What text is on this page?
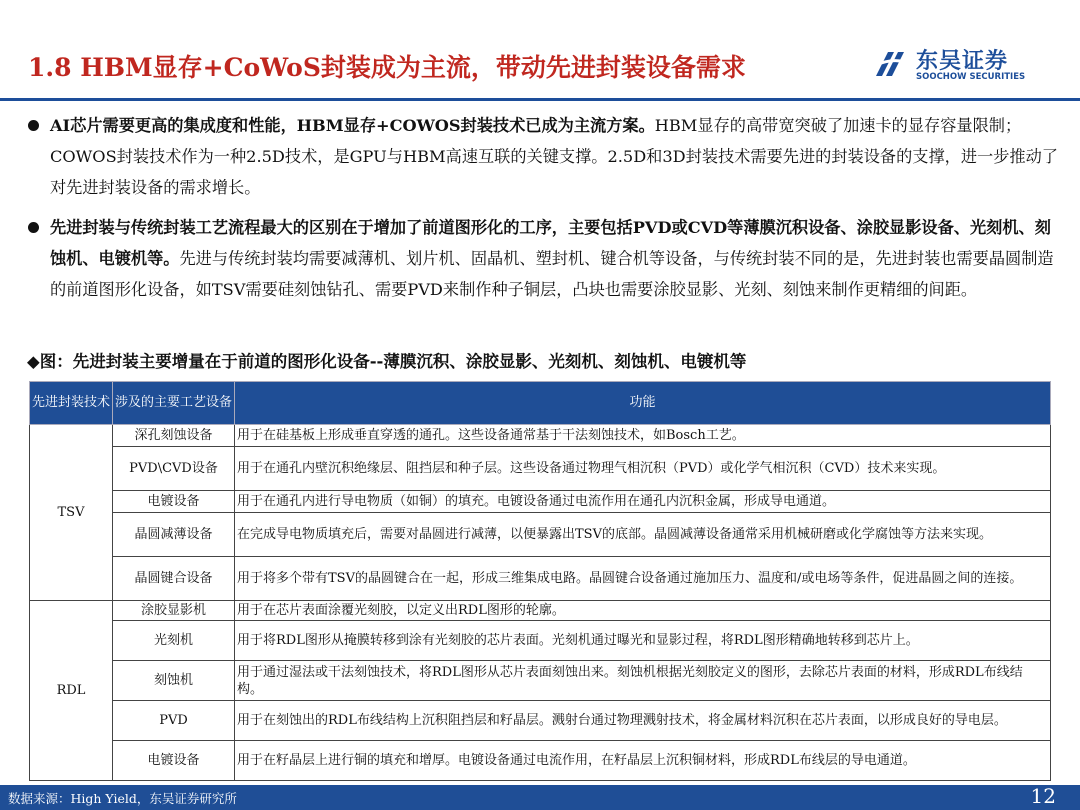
1.8 HBM显存+CoWoS封装成为主流，带动先进封装设备需求	东吴证券
SOOCHOW SECURITIES
AI芯片需要更高的集成度和性能，HBM显存+COWOS封装技术已成为主流方案。HBM显存的高带宽突破了加速卡的显存容量限制；COWOS封装技术作为一种2.5D技术，是GPU与HBM高速互联的关键支撑。2.5D和3D封装技术需要先进的封装设备的支撑，进一步推动了对先进封装设备的需求增长。
先进封装与传统封装工艺流程最大的区别在于增加了前道图形化的工序，主要包括PVD或CVD等薄膜沉积设备、涂胶显影设备、光刻机、刻蚀机、电镀机等。先进与传统封装均需要减薄机、划片机、固晶机、塑封机、键合机等设备，与传统封装不同的是，先进封装也需要晶圆制造的前道图形化设备，如TSV需要硅刻蚀钻孔、需要PVD来制作种子铜层，凸块也需要涂胶显影、光刻、刻蚀来制作更精细的间距。
◆图：先进封装主要增量在于前道的图形化设备--薄膜沉积、涂胶显影、光刻机、刻蚀机、电镀机等
先进封装技术	涉及的主要工艺设备	功能
TSV	深孔刻蚀设备	用于在硅基板上形成垂直穿透的通孔。这些设备通常基于干法刻蚀技术，如Bosch工艺。
	PVD\CVD设备	用于在通孔内壁沉积绝缘层、阻挡层和种子层。这些设备通过物理气相沉积（PVD）或化学气相沉积（CVD）技术来实现。
	电镀设备	用于在通孔内进行导电物质（如铜）的填充。电镀设备通过电流作用在通孔内沉积金属，形成导电通道。
	晶圆减薄设备	在完成导电物质填充后，需要对晶圆进行减薄，以便暴露出TSV的底部。晶圆减薄设备通常采用机械研磨或化学腐蚀等方法来实现。
	晶圆键合设备	用于将多个带有TSV的晶圆键合在一起，形成三维集成电路。晶圆键合设备通过施加压力、温度和/或电场等条件，促进晶圆之间的连接。
RDL	涂胶显影机	用于在芯片表面涂覆光刻胶，以定义出RDL图形的轮廓。
	光刻机	用于将RDL图形从掩膜转移到涂有光刻胶的芯片表面。光刻机通过曝光和显影过程，将RDL图形精确地转移到芯片上。
	刻蚀机	用于通过湿法或干法刻蚀技术，将RDL图形从芯片表面刻蚀出来。刻蚀机根据光刻胶定义的图形，去除芯片表面的材料，形成RDL布线结构。
	PVD	用于在刻蚀出的RDL布线结构上沉积阻挡层和籽晶层。溅射台通过物理溅射技术，将金属材料沉积在芯片表面，以形成良好的导电层。
	电镀设备	用于在籽晶层上进行铜的填充和增厚。电镀设备通过电流作用，在籽晶层上沉积铜材料，形成RDL布线层的导电通道。
数据来源：High Yield，东吴证券研究所	12
